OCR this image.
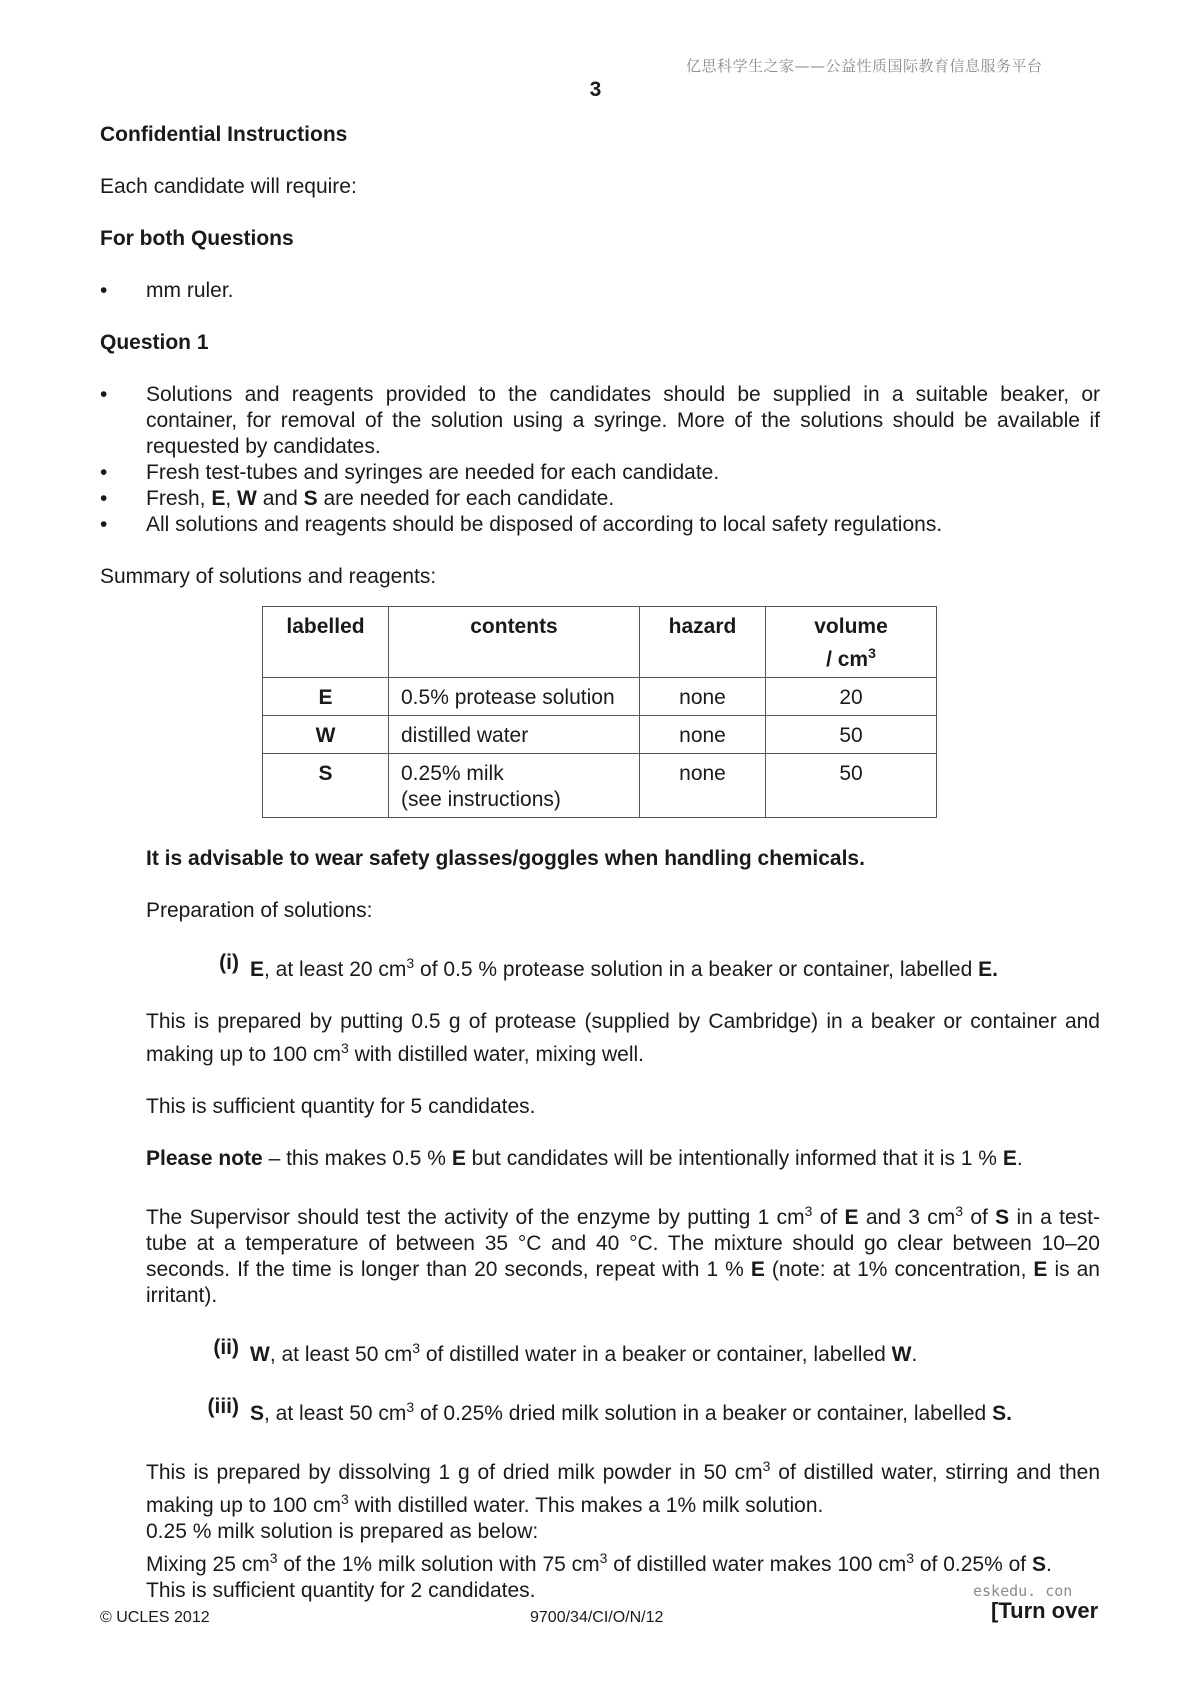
亿思科学生之家——公益性质国际教育信息服务平台
3

Confidential Instructions

Each candidate will require:

For both Questions

• mm ruler.

Question 1

• Solutions and reagents provided to the candidates should be supplied in a suitable beaker, or container, for removal of the solution using a syringe. More of the solutions should be available if requested by candidates.
• Fresh test-tubes and syringes are needed for each candidate.
• Fresh, E, W and S are needed for each candidate.
• All solutions and reagents should be disposed of according to local safety regulations.

Summary of solutions and reagents:

labelled	contents	hazard	volume
/ $cm^3$
E	0.5% protease solution	none	20
W	distilled water	none	50
S	0.25% milk
(see instructions)	none	50

It is advisable to wear safety glasses/goggles when handling chemicals.

Preparation of solutions:

(i) E, at least 20 $cm^3$ of 0.5 % protease solution in a beaker or container, labelled E.

This is prepared by putting 0.5 g of protease (supplied by Cambridge) in a beaker or container and making up to 100 $cm^3$ with distilled water, mixing well.

This is sufficient quantity for 5 candidates.

Please note – this makes 0.5 % E but candidates will be intentionally informed that it is 1 % E.

The Supervisor should test the activity of the enzyme by putting 1 $cm^3$ of E and 3 $cm^3$ of S in a test-tube at a temperature of between 35 °C and 40 °C. The mixture should go clear between 10–20 seconds. If the time is longer than 20 seconds, repeat with 1 % E (note: at 1% concentration, E is an irritant).

(ii) W, at least 50 $cm^3$ of distilled water in a beaker or container, labelled W.
(iii) S, at least 50 $cm^3$ of 0.25% dried milk solution in a beaker or container, labelled S.

This is prepared by dissolving 1 g of dried milk powder in 50 $cm^3$ of distilled water, stirring and then making up to 100 $cm^3$ with distilled water. This makes a 1% milk solution.

0.25 % milk solution is prepared as below:

Mixing 25 $cm^3$ of the 1% milk solution with 75 $cm^3$ of distilled water makes 100 $cm^3$ of 0.25% of S.

This is sufficient quantity for 2 candidates.	eskedu. con
© UCLES 2012	9700/34/CI/O/N/12	[Turn over
